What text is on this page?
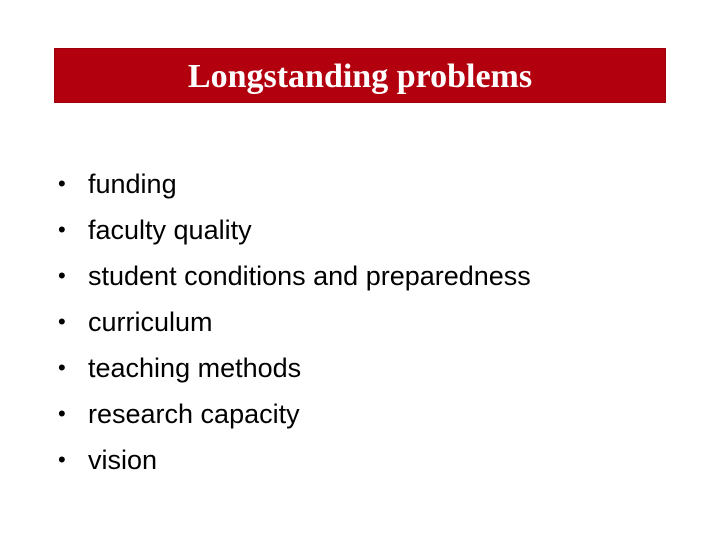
Longstanding problems
• funding
• faculty quality
• student conditions and preparedness
• curriculum
• teaching methods
• research capacity
• vision
